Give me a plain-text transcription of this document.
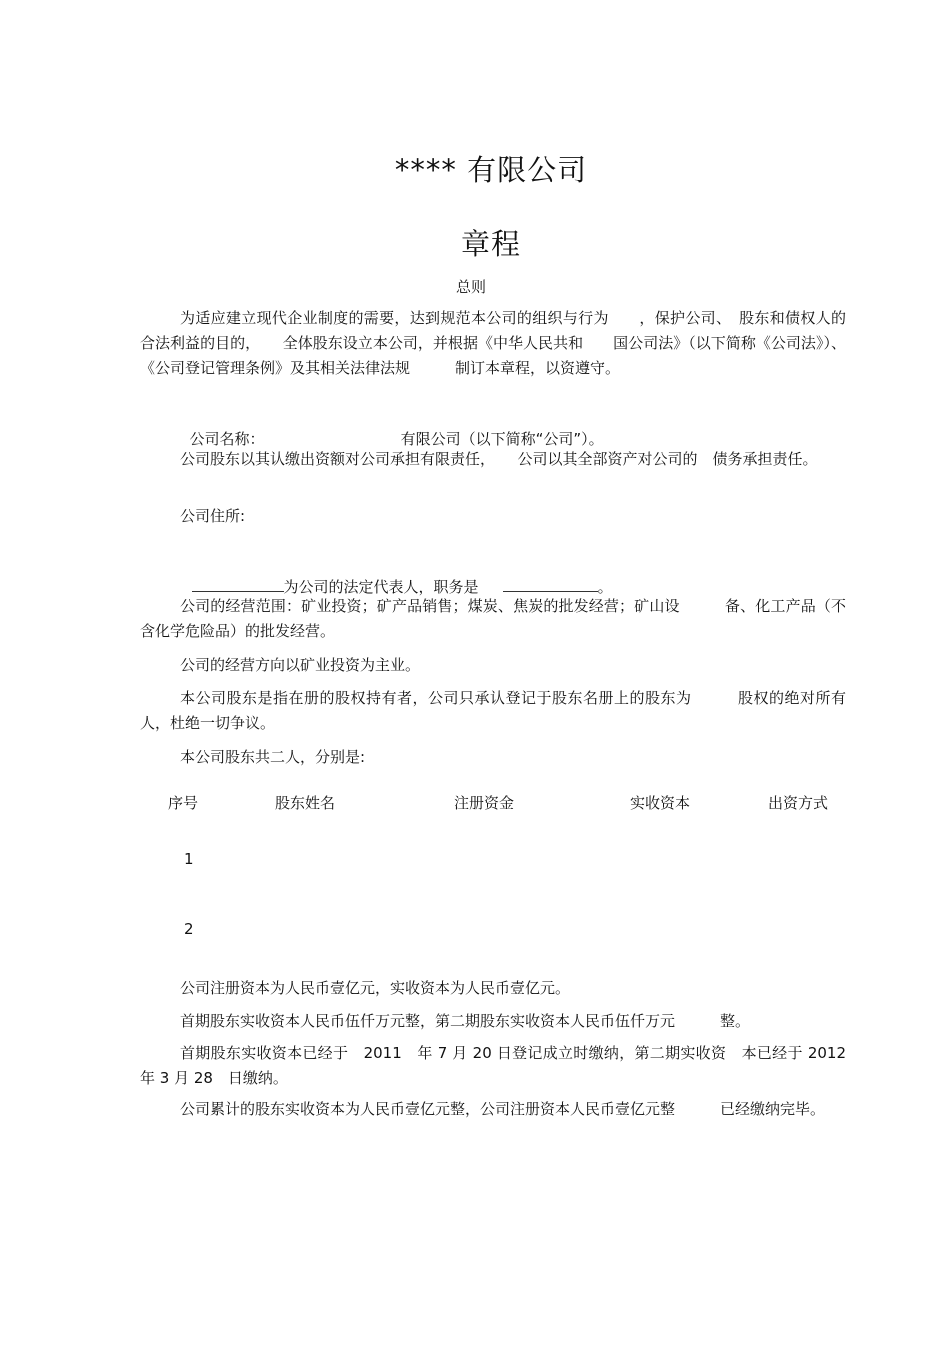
**** 有限公司
章程
总则
为适应建立现代企业制度的需要，达到规范本公司的组织与行为　　，保护公司、　股东和债权人的合法利益的目的，　　全体股东设立本公司，并根据《中华人民共和　　国公司法》（以下简称《公司法》）、《公司登记管理条例》及其相关法律法规　　　制订本章程，以资遵守。

公司名称：	有限公司（以下简称“公司”）。

公司股东以其认缴出资额对公司承担有限责任，　　公司以其全部资产对公司的　债务承担责任。
公司住所:

为公司的法定代表人，职务是	。

公司的经营范围：矿业投资；矿产品销售；煤炭、焦炭的批发经营；矿山设　　　备、化工产品（不含化学危险品）的批发经营。
公司的经营方向以矿业投资为主业。
本公司股东是指在册的股权持有者，公司只承认登记于股东名册上的股东为　　　股权的绝对所有人，杜绝一切争议。
本公司股东共二人，分别是:
序号	股东姓名	注册资金	实收资本	出资方式
1
2
公司注册资本为人民币壹亿元，实收资本为人民币壹亿元。
首期股东实收资本人民币伍仟万元整，第二期股东实收资本人民币伍仟万元　　　整。
首期股东实收资本已经于　2011　年 7 月 20 日登记成立时缴纳，第二期实收资　本已经于 2012　年 3 月 28　日缴纳。
公司累计的股东实收资本为人民币壹亿元整，公司注册资本人民币壹亿元整　　　已经缴纳完毕。
